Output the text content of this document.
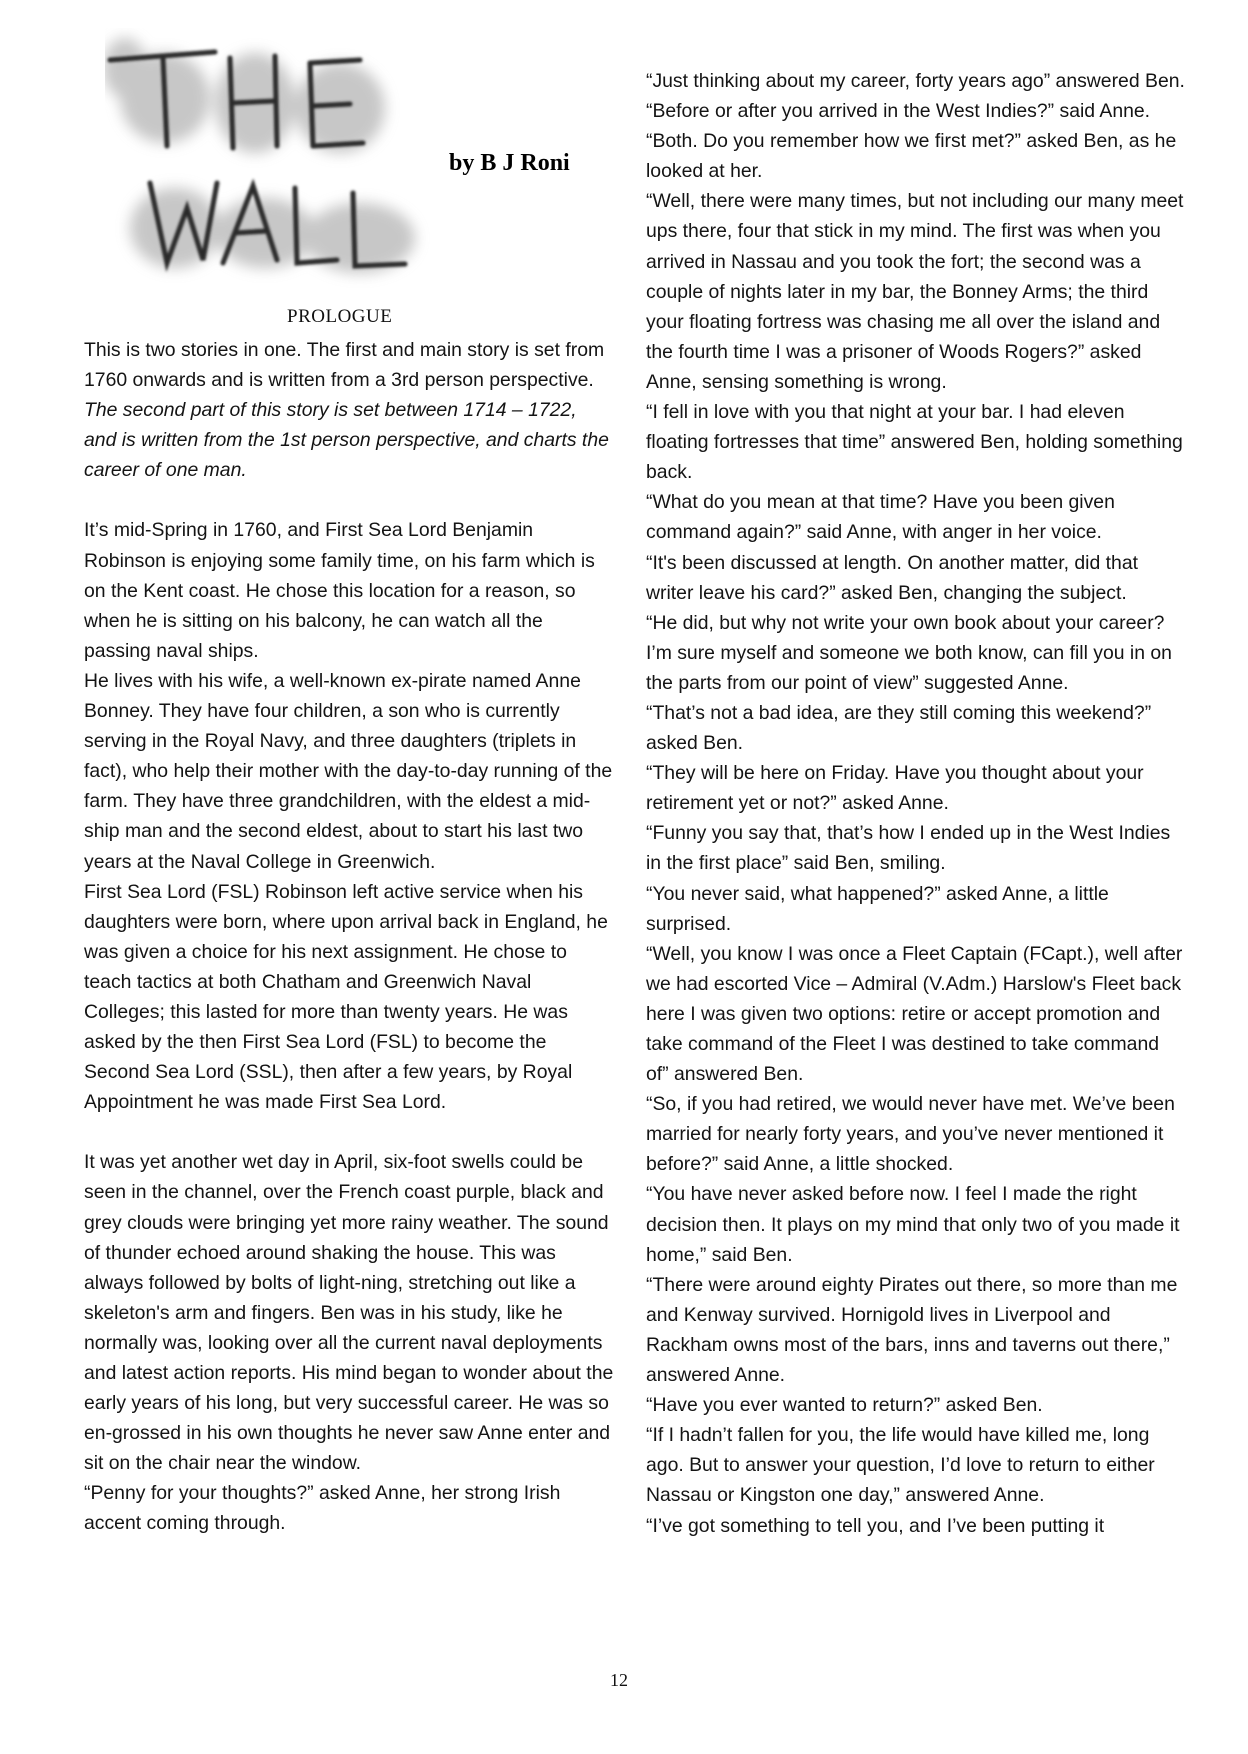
by B J Roni
PROLOGUE

This is two stories in one. The first and main story is set from 1760 onwards and is written from a 3rd person perspective. The second part of this story is set between 1714 – 1722, and is written from the 1st person perspective, and charts the career of one man.

It’s mid-Spring in 1760, and First Sea Lord Benjamin Robinson is enjoying some family time, on his farm which is on the Kent coast. He chose this location for a reason, so when he is sitting on his balcony, he can watch all the passing naval ships.

He lives with his wife, a well-known ex-pirate named Anne Bonney. They have four children, a son who is currently serving in the Royal Navy, and three daughters (triplets in fact), who help their mother with the day-to-day running of the farm. They have three grandchildren, with the eldest a mid-ship man and the second eldest, about to start his last two years at the Naval College in Greenwich.

First Sea Lord (FSL) Robinson left active service when his daughters were born, where upon arrival back in England, he was given a choice for his next assignment. He chose to teach tactics at both Chatham and Greenwich Naval Colleges; this lasted for more than twenty years. He was asked by the then First Sea Lord (FSL) to become the Second Sea Lord (SSL), then after a few years, by Royal Appointment he was made First Sea Lord.

It was yet another wet day in April, six-foot swells could be seen in the channel, over the French coast purple, black and grey clouds were bringing yet more rainy weather. The sound of thunder echoed around shaking the house. This was always followed by bolts of light-ning, stretching out like a skeleton's arm and fingers. Ben was in his study, like he normally was, looking over all the current naval deployments and latest action reports. His mind began to wonder about the early years of his long, but very successful career. He was so en-grossed in his own thoughts he never saw Anne enter and sit on the chair near the window.

“Penny for your thoughts?” asked Anne, her strong Irish accent coming through.

“Just thinking about my career, forty years ago” answered Ben.

“Before or after you arrived in the West Indies?” said Anne.

“Both. Do you remember how we first met?” asked Ben, as he looked at her.

“Well, there were many times, but not including our many meet ups there, four that stick in my mind. The first was when you arrived in Nassau and you took the fort; the second was a couple of nights later in my bar, the Bonney Arms; the third your floating fortress was chasing me all over the island and the fourth time I was a prisoner of Woods Rogers?” asked Anne, sensing something is wrong.

“I fell in love with you that night at your bar. I had eleven floating fortresses that time” answered Ben, holding something back.

“What do you mean at that time? Have you been given command again?” said Anne, with anger in her voice.

“It's been discussed at length. On another matter, did that writer leave his card?” asked Ben, changing the subject.

“He did, but why not write your own book about your career? I’m sure myself and someone we both know, can fill you in on the parts from our point of view” suggested Anne.

“That’s not a bad idea, are they still coming this weekend?” asked Ben.

“They will be here on Friday. Have you thought about your retirement yet or not?” asked Anne.

“Funny you say that, that’s how I ended up in the West Indies in the first place” said Ben, smiling.

“You never said, what happened?” asked Anne, a little surprised.

“Well, you know I was once a Fleet Captain (FCapt.), well after we had escorted Vice – Admiral (V.Adm.) Harslow's Fleet back here I was given two options: retire or accept promotion and take command of the Fleet I was destined to take command of” answered Ben.

“So, if you had retired, we would never have met. We’ve been married for nearly forty years, and you’ve never mentioned it before?” said Anne, a little shocked.

“You have never asked before now. I feel I made the right decision then. It plays on my mind that only two of you made it home,” said Ben.

“There were around eighty Pirates out there, so more than me and Kenway survived. Hornigold lives in Liverpool and Rackham owns most of the bars, inns and taverns out there,” answered Anne.

“Have you ever wanted to return?” asked Ben.

“If I hadn’t fallen for you, the life would have killed me, long ago. But to answer your question, I’d love to return to either Nassau or Kingston one day,” answered Anne.

“I’ve got something to tell you, and I’ve been putting it

12
